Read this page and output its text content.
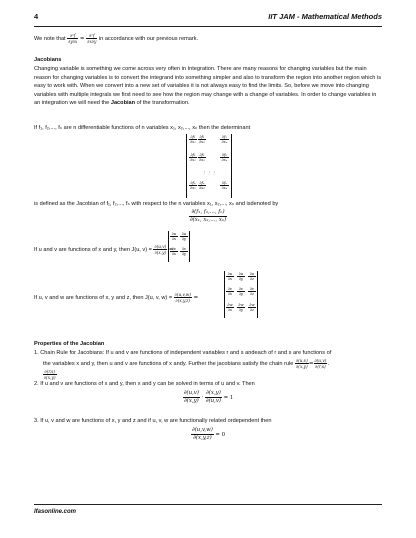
4	IIT JAM - Mathematical Methods
We note that $\frac{\text{∂²f}}{\partial y\partial x} = \frac{\text{∂²f}}{\partial x\partial y}$ in accordance with our previous remark.
Jacobians
Changing variable is something we come across very often in Integration. There are many reasons for changing variables but the main reason for changing variables is to convert the integrand into something simpler and also to transform the region into another region which is easy to work with. When we convert into a new set of variables it is not always easy to find the limits. So, before we move into changing variables with multiple integrals we first need to see how the region may change with a change of variables. In order to change variables in an integration we will need the Jacobian of the transformation.
If f₁, f₂,..., fₙ are n differentiable functions of n variables x₁, x₂,..., xₙ then the determinant
∂f₁
∂x₁
∂f₁
∂x₂
∂f₁
∂xₙ
∂f₂
∂x₁
∂f₂
∂x₂
∂f₂
∂xₙ
⋮ ⋮ ⋮
∂fₙ
∂x₁
∂fₙ
∂x₂
∂fₙ
∂xₙ
is defined as the Jacobian of f₁, f₂,..., fₙ with respect to the n variables x₁, x₂,..., xₙ and isdenoted by
$\frac{\text{∂(f₁, f₂,..., fₙ)}}{\text{∂(x₁, x₂,..., xₙ)}}$
If u and v are functions of x and y, then J(u, $v) = \frac{\partial(u,v)}{\partial(x,y)}$ =
∂u
∂x
∂u
∂y
∂v
∂x
∂v
∂y
If u, v and w are functions of x, y and z, then J(u, v, $w) = \frac{\partial(u,v,w)}{\partial(x,y,z)}$ =
∂u
∂x
∂u
∂y
∂u
∂z
∂v
∂x
∂v
∂y
∂v
∂z
∂w
∂x
∂w
∂y
∂w
∂z
Properties of the Jacobian
1. Chain Rule for Jacobians: If u and v are functions of independent variables r and s andeach of r and s are functions of
the variables x and y, then u and v are functions of x andy. Further the jacobians satisfy the chain rule $\frac{\partial(u,v)}{\partial(x,y)} = \frac{\partial(u,v)}{\partial(r,s)}$ .
$\frac{\partial(r,s)}{\partial(x,y)}$
2. If u and v are functions of x and y, then x and y can be solved in terms of u and v. Then
$\frac{\partial(u,v)}{\partial(x,y)} \cdot \frac{\partial(x,y)}{\partial(u,v)} = 1$
3. If u, v and w are functions of x, y and z and if u, v, w are functionally related ordependent then
$\frac{\partial(u,v,w)}{\partial(x,y,z)} = 0$
lfasonline.com
